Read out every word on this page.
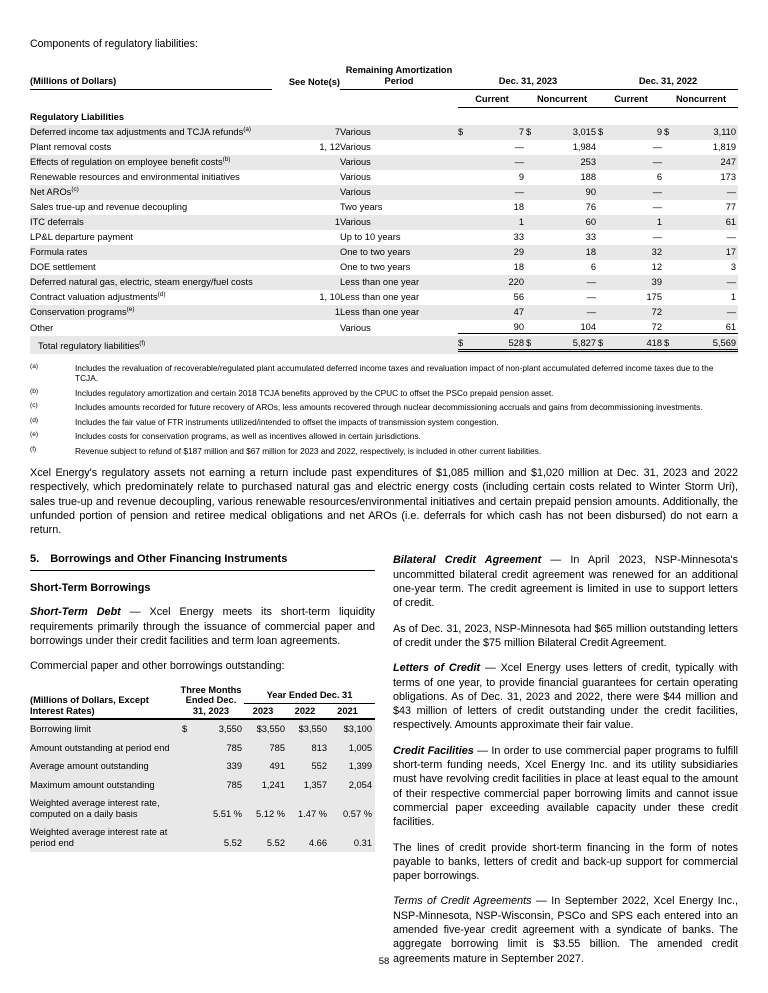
Components of regulatory liabilities:

(Millions of Dollars)	See Note(s)	Remaining Amortization Period	Dec. 31, 2023		Dec. 31, 2022	

			Current	Noncurrent	Current	Noncurrent

Regulatory Liabilities						
Deferred income tax adjustments and TCJA refunds$^{(a)}$	7	Various	$ 7	$ 3,015	$ 9	$ 3,110

Plant removal costs	1, 12	Various	—	1,984	—	1,819

Effects of regulation on employee benefit costs$^{(b)}$		Various	—	253	—	247

Renewable resources and environmental initiatives		Various	9	188	6	173

Net AROs$^{(c)}$		Various	—	90	—	—

Sales true-up and revenue decoupling		Two years	18	76	—	77

ITC deferrals	1	Various	1	60	1	61

LP&L departure payment		Up to 10 years	33	33	—	—

Formula rates		One to two years	29	18	32	17

DOE settlement		One to two years	18	6	12	3

Deferred natural gas, electric, steam energy/fuel costs		Less than one year	220	—	39	—

Contract valuation adjustments$^{(d)}$	1, 10	Less than one year	56	—	175	1

Conservation programs$^{(e)}$	1	Less than one year	47	—	72	—

Other		Various	90	104	72	61

Total regulatory liabilities$^{(f)}$			$ 528	$ 5,827	$ 418	$ 5,569
(a)	Includes the revaluation of recoverable/regulated plant accumulated deferred income taxes and revaluation impact of non-plant accumulated deferred income taxes due to the TCJA.
(b)	Includes regulatory amortization and certain 2018 TCJA benefits approved by the CPUC to offset the PSCo prepaid pension asset.
(c)	Includes amounts recorded for future recovery of AROs, less amounts recovered through nuclear decommissioning accruals and gains from decommissioning investments.
(d)	Includes the fair value of FTR instruments utilized/intended to offset the impacts of transmission system congestion.
(e)	Includes costs for conservation programs, as well as incentives allowed in certain jurisdictions.
(f)	Revenue subject to refund of $187 million and $67 million for 2023 and 2022, respectively, is included in other current liabilities.

Xcel Energy's regulatory assets not earning a return include past expenditures of $1,085 million and $1,020 million at Dec. 31, 2023 and 2022 respectively, which predominately relate to purchased natural gas and electric energy costs (including certain costs related to Winter Storm Uri), sales true-up and revenue decoupling, various renewable resources/environmental initiatives and certain prepaid pension amounts. Additionally, the unfunded portion of pension and retiree medical obligations and net AROs (i.e. deferrals for which cash has not been disbursed) do not earn a return.

5. Borrowings and Other Financing Instruments

Short-Term Borrowings

Short-Term Debt — Xcel Energy meets its short-term liquidity requirements primarily through the issuance of commercial paper and borrowings under their credit facilities and term loan agreements.

Commercial paper and other borrowings outstanding:

(Millions of Dollars, Except Interest Rates)	Three Months Ended Dec. 31, 2023	Year Ended Dec. 31
2023 2022 2021		

Borrowing limit	$ 3,550	$3,550	$3,550	$3,100
Amount outstanding at period end	785	785	813	1,005
Average amount outstanding	339	491	552	1,399
Maximum amount outstanding	785	1,241	1,357	2,054
Weighted average interest rate, computed on a daily basis	5.51 %	5.12 %	1.47 %	0.57 %
Weighted average interest rate at period end	5.52	5.52	4.66	0.31

Bilateral Credit Agreement — In April 2023, NSP-Minnesota's uncommitted bilateral credit agreement was renewed for an additional one-year term. The credit agreement is limited in use to support letters of credit.

As of Dec. 31, 2023, NSP-Minnesota had $65 million outstanding letters of credit under the $75 million Bilateral Credit Agreement.

Letters of Credit — Xcel Energy uses letters of credit, typically with terms of one year, to provide financial guarantees for certain operating obligations. As of Dec. 31, 2023 and 2022, there were $44 million and $43 million of letters of credit outstanding under the credit facilities, respectively. Amounts approximate their fair value.

Credit Facilities — In order to use commercial paper programs to fulfill short-term funding needs, Xcel Energy Inc. and its utility subsidiaries must have revolving credit facilities in place at least equal to the amount of their respective commercial paper borrowing limits and cannot issue commercial paper exceeding available capacity under these credit facilities.

The lines of credit provide short-term financing in the form of notes payable to banks, letters of credit and back-up support for commercial paper borrowings.

Terms of Credit Agreements — In September 2022, Xcel Energy Inc., NSP-Minnesota, NSP-Wisconsin, PSCo and SPS each entered into an amended five-year credit agreement with a syndicate of banks. The aggregate borrowing limit is $3.55 billion. The amended credit agreements mature in September 2027.

58
